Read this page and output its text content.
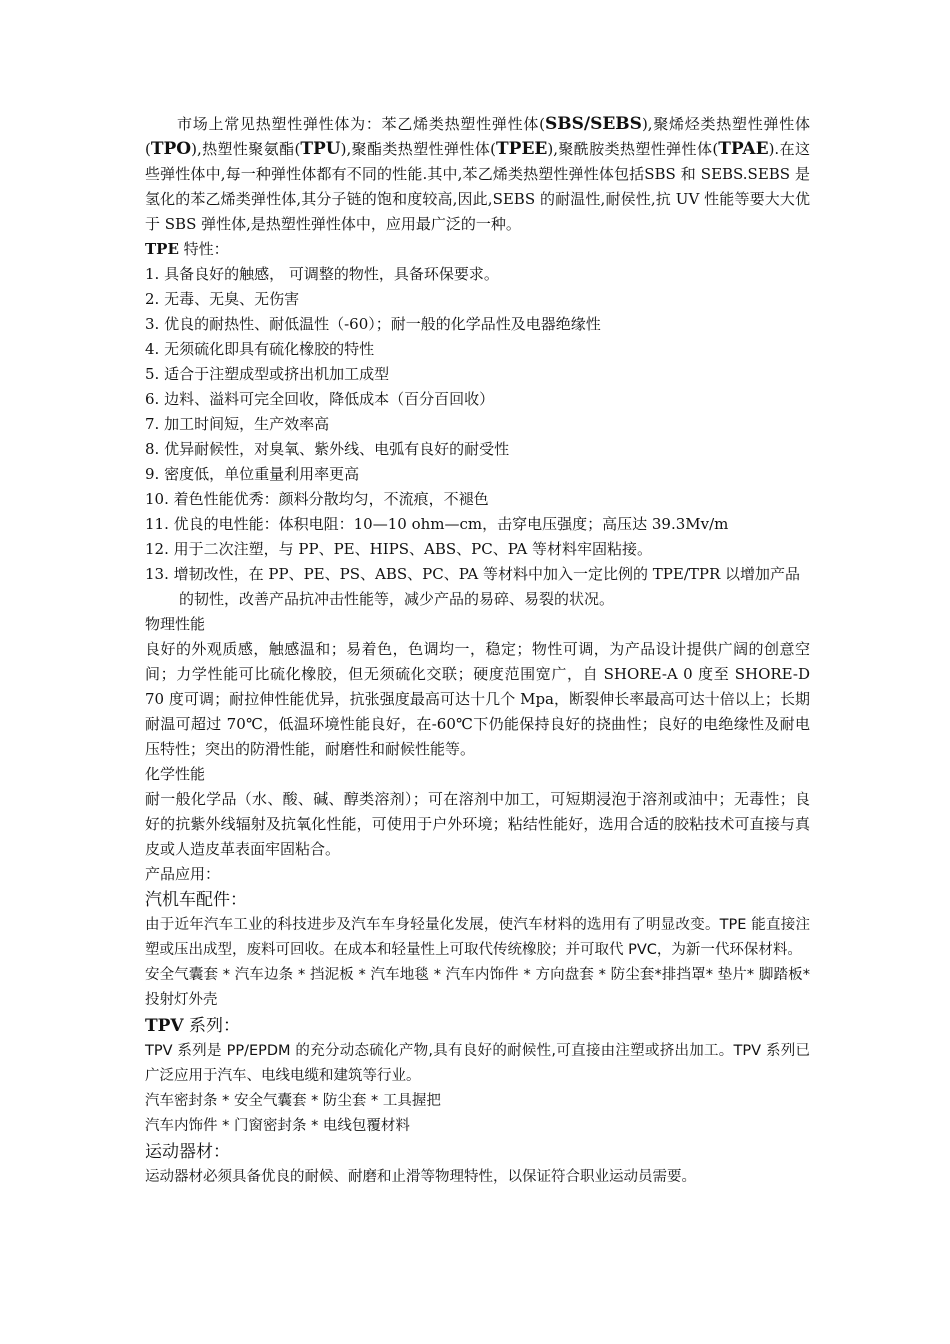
市场上常见热塑性弹性体为：苯乙烯类热塑性弹性体(SBS/SEBS),聚烯烃类热塑性弹性体(TPO),热塑性聚氨酯(TPU),聚酯类热塑性弹性体(TPEE),聚酰胺类热塑性弹性体(TPAE).在这些弹性体中,每一种弹性体都有不同的性能.其中,苯乙烯类热塑性弹性体包括SBS 和 SEBS.SEBS 是氢化的苯乙烯类弹性体,其分子链的饱和度较高,因此,SEBS 的耐温性,耐侯性,抗 UV 性能等要大大优于 SBS 弹性体,是热塑性弹性体中，应用最广泛的一种。

TPE 特性：

1. 具备良好的触感， 可调整的物性，具备环保要求。

2. 无毒、无臭、无伤害

3. 优良的耐热性、耐低温性（-60）；耐一般的化学品性及电器绝缘性

4. 无须硫化即具有硫化橡胶的特性

5. 适合于注塑成型或挤出机加工成型

6. 边料、溢料可完全回收，降低成本（百分百回收）

7. 加工时间短，生产效率高

8. 优异耐候性，对臭氧、紫外线、电弧有良好的耐受性

9. 密度低，单位重量利用率更高

10. 着色性能优秀：颜料分散均匀，不流痕，不褪色

11. 优良的电性能：体积电阻：10—10 ohm—cm，击穿电压强度；高压达 39.3Mv/m

12. 用于二次注塑，与 PP、PE、HIPS、ABS、PC、PA 等材料牢固粘接。

13. 增韧改性，在 PP、PE、PS、ABS、PC、PA 等材料中加入一定比例的 TPE/TPR 以增加产品的韧性，改善产品抗冲击性能等，减少产品的易碎、易裂的状况。

物理性能

良好的外观质感，触感温和；易着色，色调均一，稳定；物性可调，为产品设计提供广阔的创意空间；力学性能可比硫化橡胶，但无须硫化交联；硬度范围宽广，自 SHORE-A 0 度至 SHORE-D 70 度可调；耐拉伸性能优异，抗张强度最高可达十几个 Mpa，断裂伸长率最高可达十倍以上；长期耐温可超过 70℃，低温环境性能良好，在-60℃下仍能保持良好的挠曲性；良好的电绝缘性及耐电压特性；突出的防滑性能，耐磨性和耐候性能等。

化学性能

耐一般化学品（水、酸、碱、醇类溶剂）；可在溶剂中加工，可短期浸泡于溶剂或油中；无毒性；良好的抗紫外线辐射及抗氧化性能，可使用于户外环境；粘结性能好，选用合适的胶粘技术可直接与真皮或人造皮革表面牢固粘合。

产品应用：

汽机车配件：

由于近年汽车工业的科技进步及汽车车身轻量化发展，使汽车材料的选用有了明显改变。TPE 能直接注塑或压出成型，废料可回收。在成本和轻量性上可取代传统橡胶；并可取代 PVC，为新一代环保材料。

安全气囊套 * 汽车边条 * 挡泥板 * 汽车地毯 * 汽车内饰件 * 方向盘套 * 防尘套*排挡罩* 垫片* 脚踏板* 投射灯外壳

TPV 系列：

TPV 系列是 PP/EPDM 的充分动态硫化产物,具有良好的耐候性,可直接由注塑或挤出加工。TPV 系列已广泛应用于汽车、电线电缆和建筑等行业。

汽车密封条 * 安全气囊套 * 防尘套 * 工具握把

汽车内饰件 * 门窗密封条 * 电线包覆材料

运动器材：

运动器材必须具备优良的耐候、耐磨和止滑等物理特性，以保证符合职业运动员需要。
